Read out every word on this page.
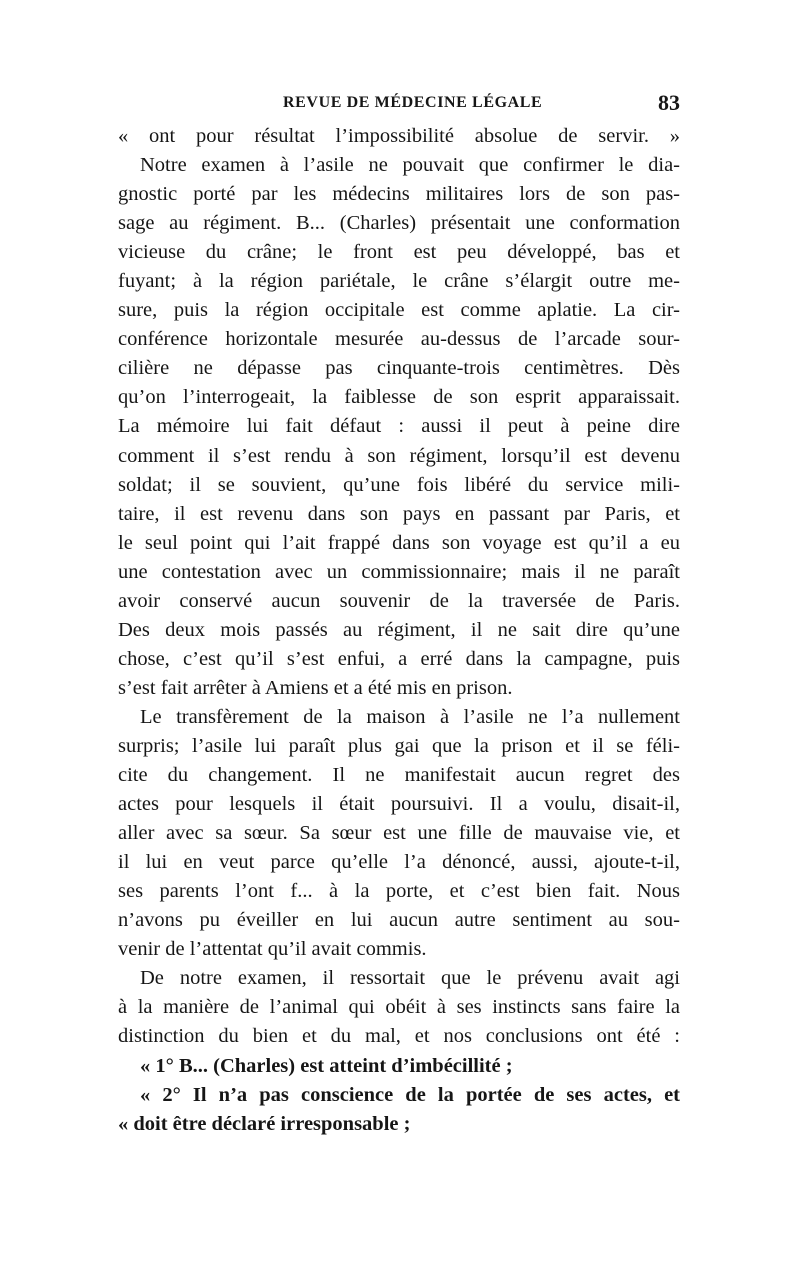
REVUE DE MÉDECINE LÉGALE	83
« ont pour résultat l’impossibilité absolue de servir. »
Notre examen à l’asile ne pouvait que confirmer le dia-
gnostic porté par les médecins militaires lors de son pas-
sage au régiment. B... (Charles) présentait une conformation
vicieuse du crâne; le front est peu développé, bas et
fuyant; à la région pariétale, le crâne s’élargit outre me-
sure, puis la région occipitale est comme aplatie. La cir-
conférence horizontale mesurée au-dessus de l’arcade sour-
cilière ne dépasse pas cinquante-trois centimètres. Dès
qu’on l’interrogeait, la faiblesse de son esprit apparaissait.
La mémoire lui fait défaut : aussi il peut à peine dire
comment il s’est rendu à son régiment, lorsqu’il est devenu
soldat; il se souvient, qu’une fois libéré du service mili-
taire, il est revenu dans son pays en passant par Paris, et
le seul point qui l’ait frappé dans son voyage est qu’il a eu
une contestation avec un commissionnaire; mais il ne paraît
avoir conservé aucun souvenir de la traversée de Paris.
Des deux mois passés au régiment, il ne sait dire qu’une
chose, c’est qu’il s’est enfui, a erré dans la campagne, puis
s’est fait arrêter à Amiens et a été mis en prison.
Le transfèrement de la maison à l’asile ne l’a nullement
surpris; l’asile lui paraît plus gai que la prison et il se féli-
cite du changement. Il ne manifestait aucun regret des
actes pour lesquels il était poursuivi. Il a voulu, disait-il,
aller avec sa sœur. Sa sœur est une fille de mauvaise vie, et
il lui en veut parce qu’elle l’a dénoncé, aussi, ajoute-t-il,
ses parents l’ont f... à la porte, et c’est bien fait. Nous
n’avons pu éveiller en lui aucun autre sentiment au sou-
venir de l’attentat qu’il avait commis.
De notre examen, il ressortait que le prévenu avait agi
à la manière de l’animal qui obéit à ses instincts sans faire la
distinction du bien et du mal, et nos conclusions ont été :
« 1° B... (Charles) est atteint d’imbécillité ;
« 2° Il n’a pas conscience de la portée de ses actes, et
« doit être déclaré irresponsable ;
